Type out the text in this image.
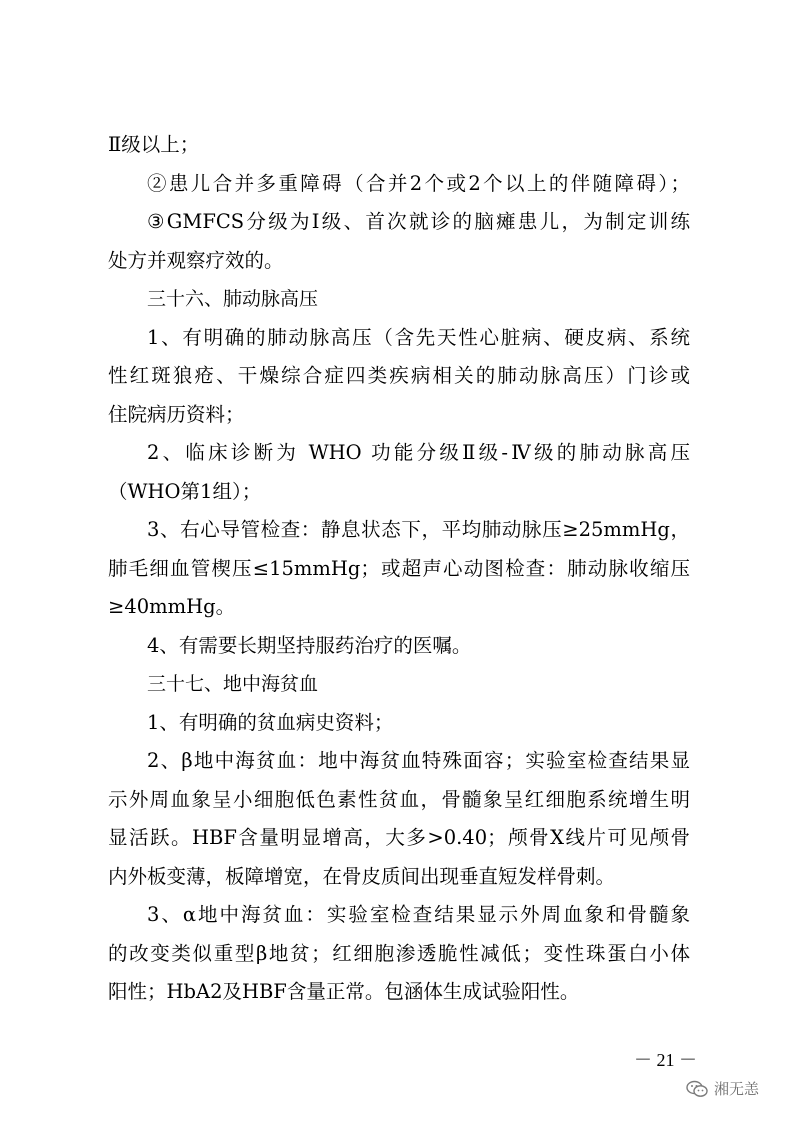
Ⅱ级以上；
②患儿合并多重障碍（合并2个或2个以上的伴随障碍）；
③GMFCS分级为Ⅰ级、首次就诊的脑瘫患儿，为制定训练
处方并观察疗效的。
三十六、肺动脉高压
1、有明确的肺动脉高压（含先天性心脏病、硬皮病、系统
性红斑狼疮、干燥综合症四类疾病相关的肺动脉高压）门诊或
住院病历资料；
2、临床诊断为 WHO 功能分级Ⅱ级-Ⅳ级的肺动脉高压
（WHO第1组）；
3、右心导管检查：静息状态下，平均肺动脉压≥25mmHg，
肺毛细血管楔压≤15mmHg；或超声心动图检查：肺动脉收缩压
≥40mmHg。
4、有需要长期坚持服药治疗的医嘱。
三十七、地中海贫血
1、有明确的贫血病史资料；
2、β地中海贫血：地中海贫血特殊面容；实验室检查结果显
示外周血象呈小细胞低色素性贫血，骨髓象呈红细胞系统增生明
显活跃。HBF含量明显增高，大多>0.40；颅骨X线片可见颅骨
内外板变薄，板障增宽，在骨皮质间出现垂直短发样骨刺。
3、α地中海贫血：实验室检查结果显示外周血象和骨髓象
的改变类似重型β地贫；红细胞渗透脆性减低；变性珠蛋白小体
阳性；HbA2及HBF含量正常。包涵体生成试验阳性。
－ 21 －
湘无恙
